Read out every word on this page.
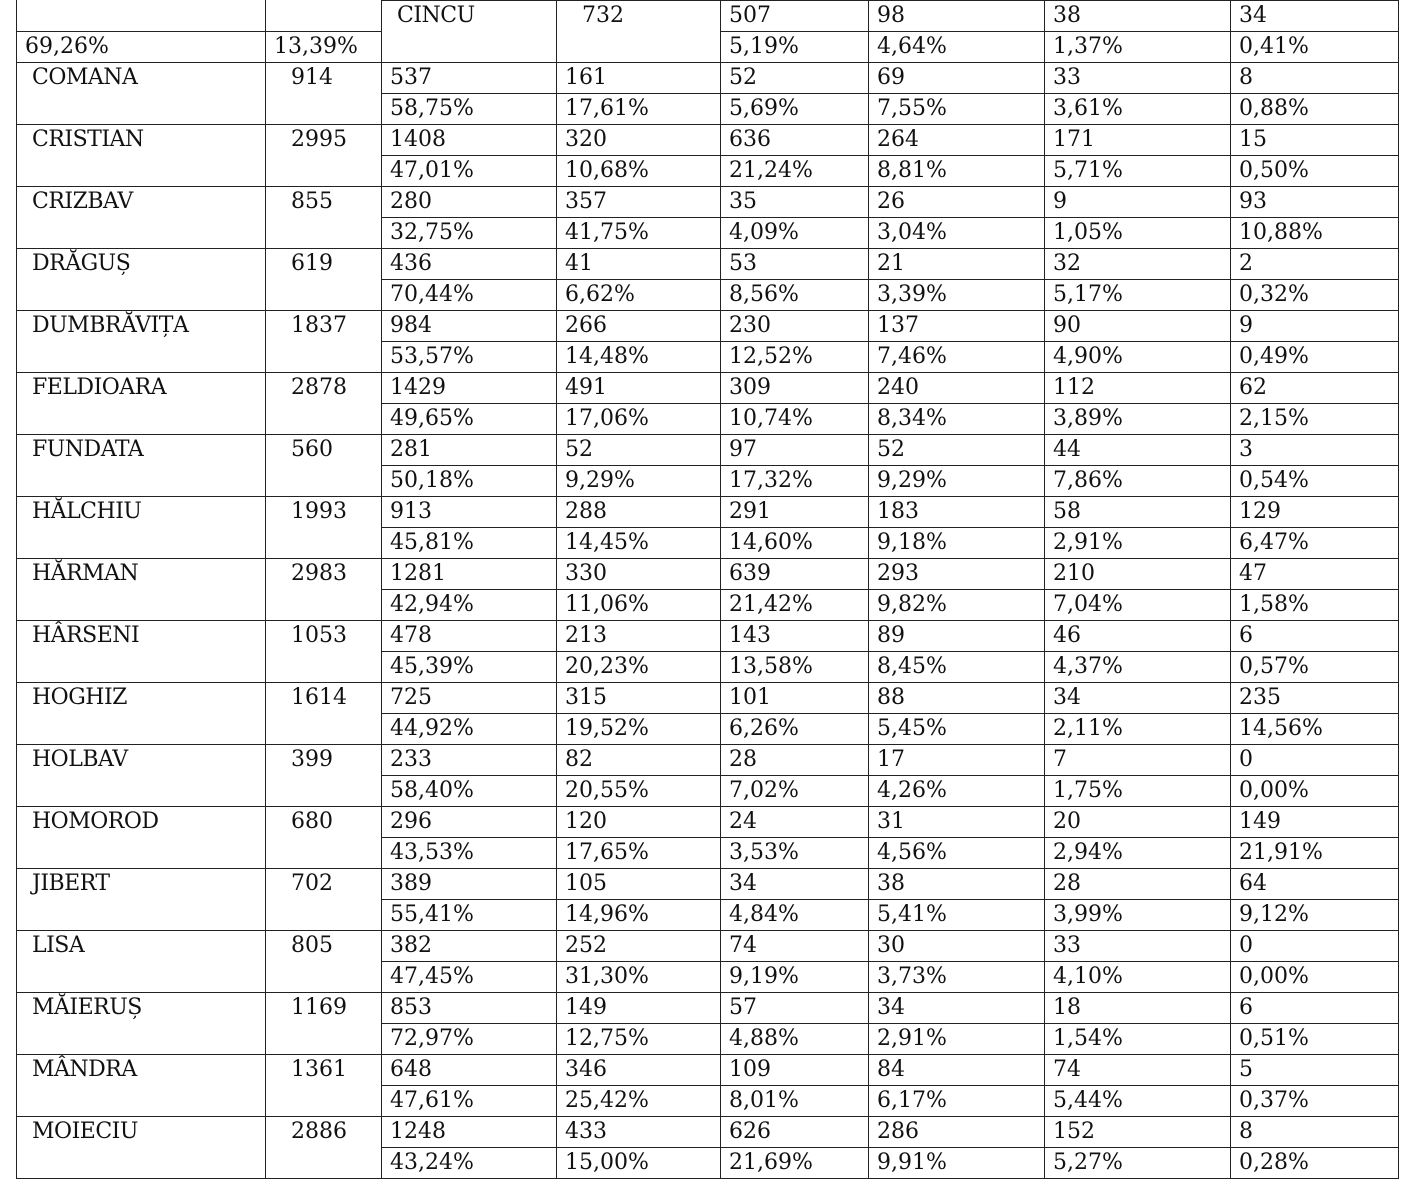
		CINCU	732	507	98	38	34		
69,26%	13,39%			5,19%	4,64%	1,37%	0,41%	
COMANA	914	537	161	52	69	33	8	
		58,75%	17,61%	5,69%	7,55%	3,61%	0,88%	
CRISTIAN	2995	1408	320	636	264	171	15	
		47,01%	10,68%	21,24%	8,81%	5,71%	0,50%	
CRIZBAV	855	280	357	35	26	9	93	
		32,75%	41,75%	4,09%	3,04%	1,05%	10,88%	
DRĂGUȘ	619	436	41	53	21	32	2	
		70,44%	6,62%	8,56%	3,39%	5,17%	0,32%	
DUMBRĂVIȚA	1837	984	266	230	137	90	9	
		53,57%	14,48%	12,52%	7,46%	4,90%	0,49%	
FELDIOARA	2878	1429	491	309	240	112	62	
		49,65%	17,06%	10,74%	8,34%	3,89%	2,15%	
FUNDATA	560	281	52	97	52	44	3	
		50,18%	9,29%	17,32%	9,29%	7,86%	0,54%	
HĂLCHIU	1993	913	288	291	183	58	129	
		45,81%	14,45%	14,60%	9,18%	2,91%	6,47%	
HĂRMAN	2983	1281	330	639	293	210	47	
		42,94%	11,06%	21,42%	9,82%	7,04%	1,58%	
HÂRSENI	1053	478	213	143	89	46	6	
		45,39%	20,23%	13,58%	8,45%	4,37%	0,57%	
HOGHIZ	1614	725	315	101	88	34	235	
		44,92%	19,52%	6,26%	5,45%	2,11%	14,56%	
HOLBAV	399	233	82	28	17	7	0	
		58,40%	20,55%	7,02%	4,26%	1,75%	0,00%	
HOMOROD	680	296	120	24	31	20	149	
		43,53%	17,65%	3,53%	4,56%	2,94%	21,91%	
JIBERT	702	389	105	34	38	28	64	
		55,41%	14,96%	4,84%	5,41%	3,99%	9,12%	
LISA	805	382	252	74	30	33	0	
		47,45%	31,30%	9,19%	3,73%	4,10%	0,00%	
MĂIERUȘ	1169	853	149	57	34	18	6	
		72,97%	12,75%	4,88%	2,91%	1,54%	0,51%	
MÂNDRA	1361	648	346	109	84	74	5	
		47,61%	25,42%	8,01%	6,17%	5,44%	0,37%	
MOIECIU	2886	1248	433	626	286	152	8	
		43,24%	15,00%	21,69%	9,91%	5,27%	0,28%	
